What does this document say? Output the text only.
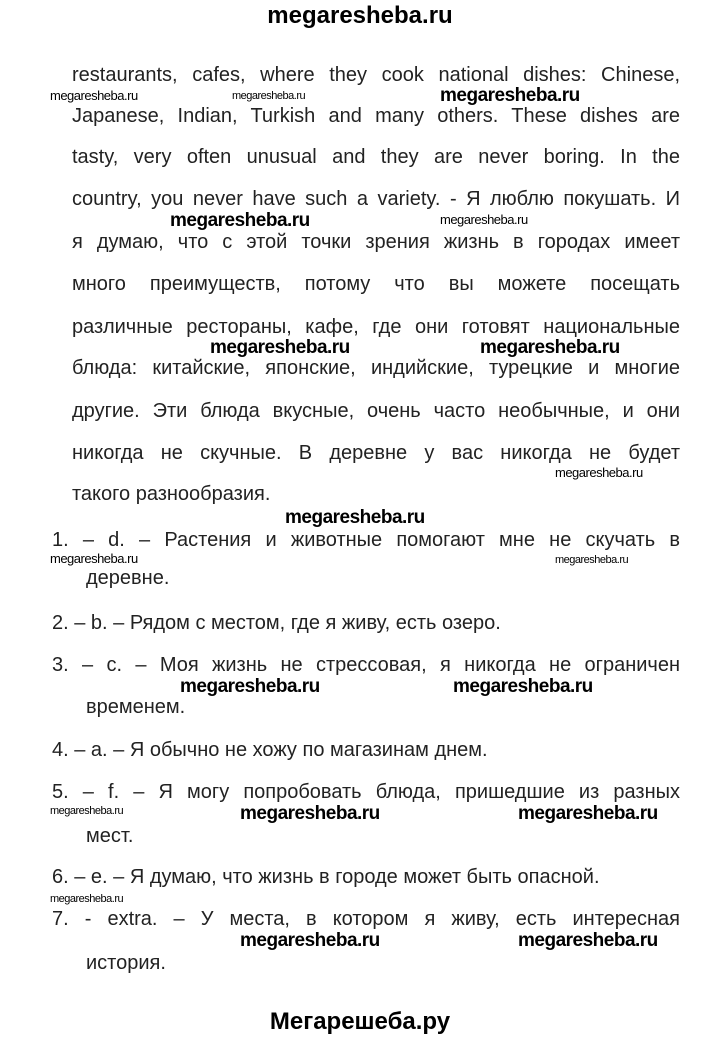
megaresheba.ru
restaurants, cafes, where they cook national dishes: Chinese,
Japanese, Indian, Turkish and many others. These dishes are
tasty, very often unusual and they are never boring. In the
country, you never have such a variety. - Я люблю покушать. И
я думаю, что с этой точки зрения жизнь в городах имеет
много преимуществ, потому что вы можете посещать
различные рестораны, кафе, где они готовят национальные
блюда: китайские, японские, индийские, турецкие и многие
другие. Эти блюда вкусные, очень часто необычные, и они
никогда не скучные. В деревне у вас никогда не будет
такого разнообразия.
1. – d. – Растения и животные помогают мне не скучать в
деревне.
2. – b. – Рядом с местом, где я живу, есть озеро.
3. – c. – Моя жизнь не стрессовая, я никогда не ограничен
временем.
4. – a. – Я обычно не хожу по магазинам днем.
5. – f. – Я могу попробовать блюда, пришедшие из разных
мест.
6. – e. – Я думаю, что жизнь в городе может быть опасной.
7. - extra. – У места, в котором я живу, есть интересная
история.
megaresheba.ru	megaresheba.ru	megaresheba.ru
megaresheba.ru	megaresheba.ru
megaresheba.ru	megaresheba.ru
megaresheba.ru
megaresheba.ru
megaresheba.ru	megaresheba.ru
megaresheba.ru	megaresheba.ru
megaresheba.ru	megaresheba.ru	megaresheba.ru
megaresheba.ru
megaresheba.ru	megaresheba.ru
Мегарешеба.ру
